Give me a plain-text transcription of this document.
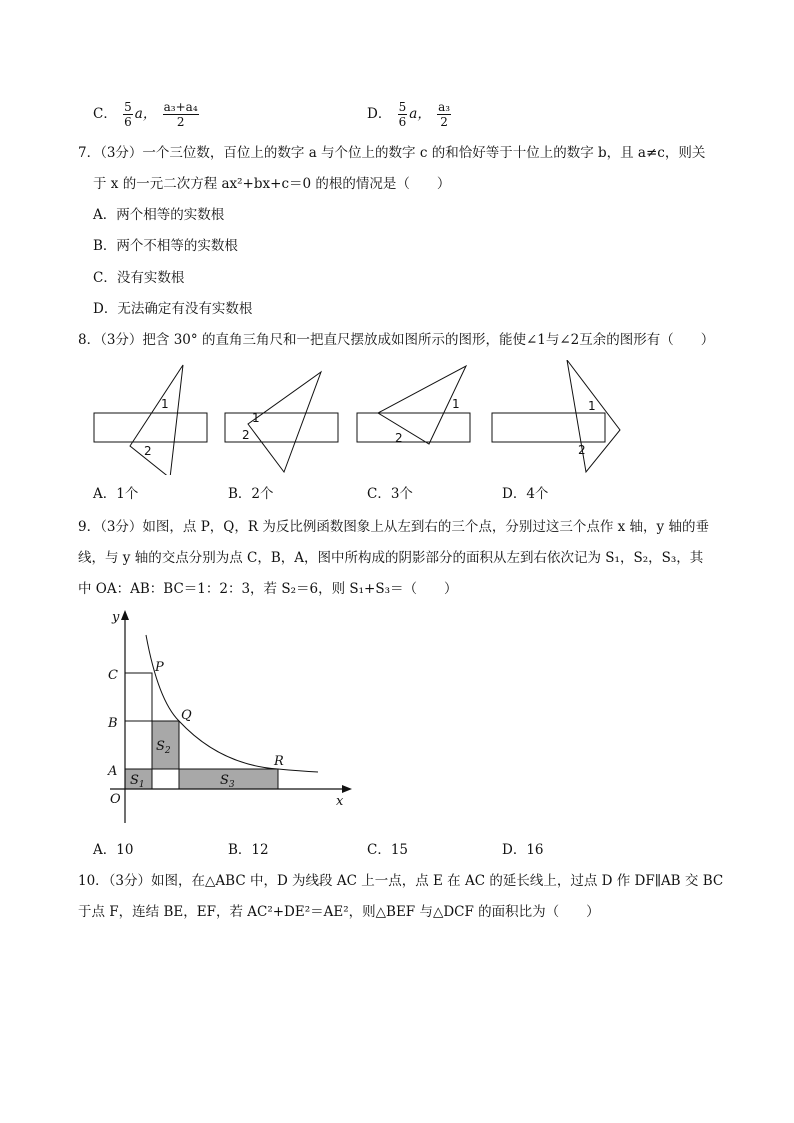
C． $\frac{5}{6}$ a， $\frac{\text{a₃+a₄}}{2}$	D． $\frac{5}{6}$ a， $\frac{\text{a₃}}{2}$
7．（3分）一个三位数，百位上的数字 a 与个位上的数字 c 的和恰好等于十位上的数字 b，且 a≠c，则关
于 x 的一元二次方程 ax²+bx+c＝0 的根的情况是（　　）
A．两个相等的实数根
B．两个不相等的实数根
C．没有实数根
D．无法确定有没有实数根
8．（3分）把含 30° 的直角三角尺和一把直尺摆放成如图所示的图形，能使∠1与∠2互余的图形有（　　）
1
2
1
2
1
2
1
2
A．1个	B．2个	C．3个	D．4个
9．（3分）如图，点 P，Q，R 为反比例函数图象上从左到右的三个点，分别过这三个点作 x 轴，y 轴的垂
线，与 y 轴的交点分别为点 C，B，A，图中所构成的阴影部分的面积从左到右依次记为 S₁，S₂，S₃，其
中 OA：AB：BC＝1：2：3，若 S₂＝6，则 S₁+S₃＝（　　）
y
x
O
A
B
C
P
Q
R
$S_1$
$S_2$
$S_3$
A．10	B．12	C．15	D．16
10．（3分）如图，在△ABC 中，D 为线段 AC 上一点，点 E 在 AC 的延长线上，过点 D 作 DF∥AB 交 BC
于点 F，连结 BE，EF，若 AC²+DE²＝AE²，则△BEF 与△DCF 的面积比为（　　）
